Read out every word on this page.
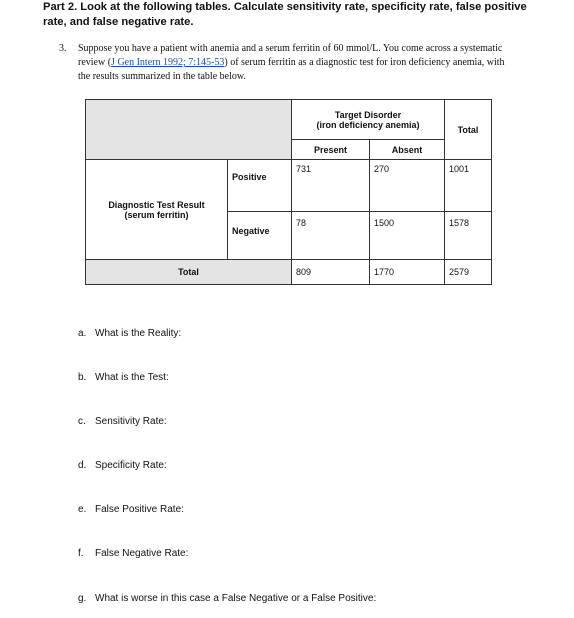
Part 2. Look at the following tables. Calculate sensitivity rate, specificity rate, false positive rate, and false negative rate.
3. Suppose you have a patient with anemia and a serum ferritin of 60 mmol/L. You come across a systematic review (J Gen Intern 1992; 7:145-53) of serum ferritin as a diagnostic test for iron deficiency anemia, with the results summarized in the table below.

		Target Disorder
(iron deficiency anemia)		Total
		Present	Absent	

Diagnostic Test Result
(serum ferritin)	Positive	731	270	1001
	Negative	78	1500	1578
Total		809	1770	2579
a. What is the Reality:
b. What is the Test:
c. Sensitivity Rate:
d. Specificity Rate:
e. False Positive Rate:
f. False Negative Rate:
g. What is worse in this case a False Negative or a False Positive:
